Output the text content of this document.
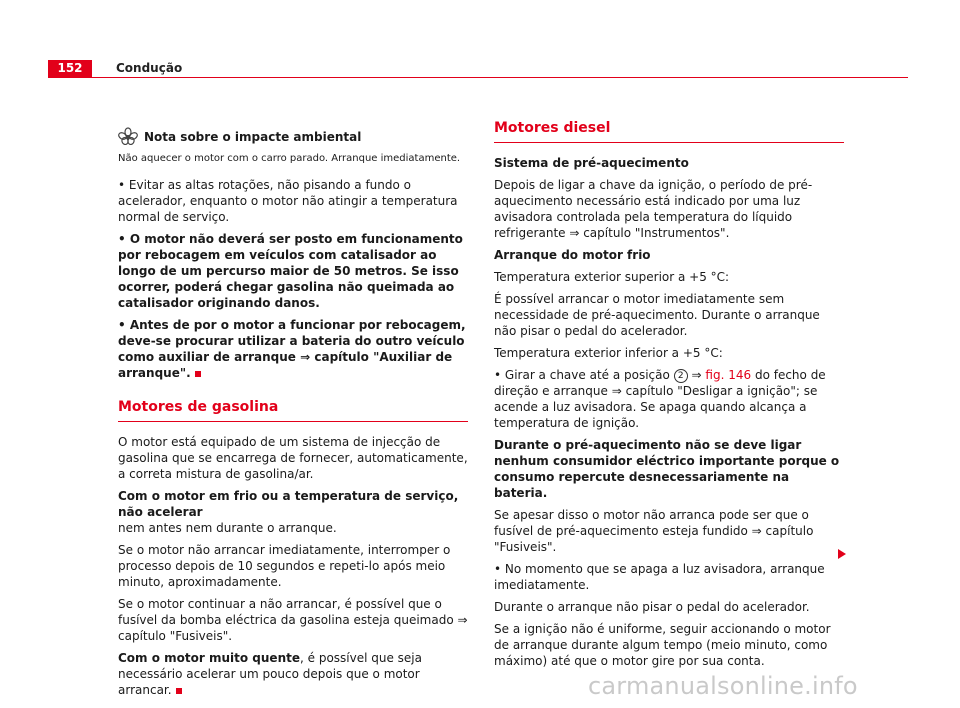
152	Condução
Nota sobre o impacte ambiental

Não aquecer o motor com o carro parado. Arranque imediatamente.

• Evitar as altas rotações, não pisando a fundo o acelerador, enquanto o motor não atingir a temperatura normal de serviço.

• O motor não deverá ser posto em funcionamento por rebocagem em veículos com catalisador ao longo de um percurso maior de 50 metros. Se isso ocorrer, poderá chegar gasolina não queimada ao catalisador originando danos.

• Antes de por o motor a funcionar por rebocagem, deve-se procurar utilizar a bateria do outro veículo como auxiliar de arranque ⇒ capítulo "Auxiliar de arranque".

Motores de gasolina

O motor está equipado de um sistema de injecção de gasolina que se encarrega de fornecer, automaticamente, a correta mistura de gasolina/ar.

Com o motor em frio ou a temperatura de serviço, não acelerar
nem antes nem durante o arranque.

Se o motor não arrancar imediatamente, interromper o processo depois de 10 segundos e repeti-lo após meio minuto, aproximadamente.

Se o motor continuar a não arrancar, é possível que o fusível da bomba eléctrica da gasolina esteja queimado ⇒ capítulo "Fusiveis".

Com o motor muito quente, é possível que seja necessário acelerar um pouco depois que o motor arrancar.

Motores diesel

Sistema de pré-aquecimento

Depois de ligar a chave da ignição, o período de pré-aquecimento necessário está indicado por uma luz avisadora controlada pela temperatura do líquido refrigerante ⇒ capítulo "Instrumentos".

Arranque do motor frio

Temperatura exterior superior a +5 °C:

É possível arrancar o motor imediatamente sem necessidade de pré-aquecimento. Durante o arranque não pisar o pedal do acelerador.

Temperatura exterior inferior a +5 °C:

• Girar a chave até a posição 2 ⇒ fig. 146 do fecho de direção e arranque ⇒ capítulo "Desligar a ignição"; se acende a luz avisadora. Se apaga quando alcança a temperatura de ignição.

Durante o pré-aquecimento não se deve ligar nenhum consumidor eléctrico importante porque o consumo repercute desnecessariamente na bateria.

Se apesar disso o motor não arranca pode ser que o fusível de pré-aquecimento esteja fundido ⇒ capítulo "Fusiveis".

• No momento que se apaga a luz avisadora, arranque imediatamente.

Durante o arranque não pisar o pedal do acelerador.

Se a ignição não é uniforme, seguir accionando o motor de arranque durante algum tempo (meio minuto, como máximo) até que o motor gire por sua conta.

carmanualsonline.info
